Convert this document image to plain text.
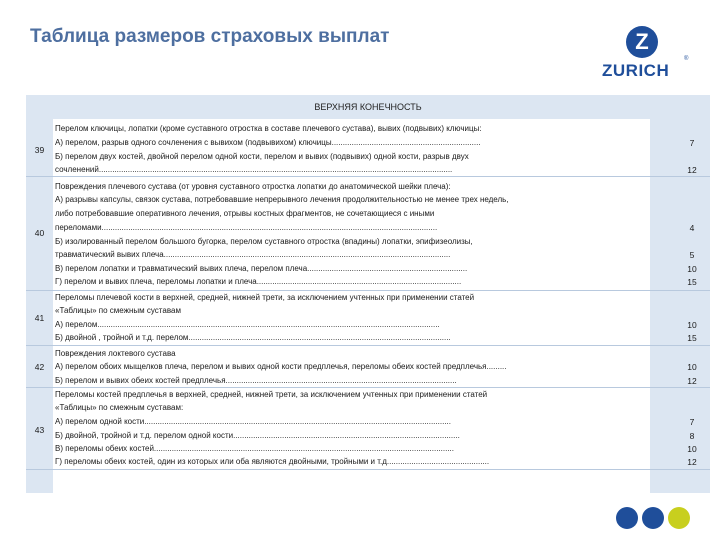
Таблица размеров страховых выплат	Z
ZURICH
®
ВЕРХНЯЯ КОНЕЧНОСТЬ
39
Перелом ключицы, лопатки (кроме суставного отростка в составе плечевого сустава), вывих (подвывих) ключицы:
А) перелом, разрыв одного сочленения с вывихом (подвывихом) ключицы...................................................................
Б) перелом двух костей, двойной перелом одной кости, перелом и вывих (подвывих) одной кости, разрыв двух
сочленений...............................................................................................................................................................
7
12
40
Повреждения плечевого сустава (от уровня суставного отростка лопатки до анатомической шейки плеча):
А) разрывы капсулы, связок сустава, потребовавшие непрерывного лечения продолжительностью не менее трех недель,
либо потребовавшие оперативного лечения, отрывы костных фрагментов, не сочетающиеся с иными
переломами.......................................................................................................................................................
Б) изолированный перелом большого бугорка, перелом суставного отростка (впадины) лопатки, эпифизеолизы,
травматический вывих плеча.................................................................................................................................
В) перелом лопатки и травматический вывих плеча, перелом плеча........................................................................
Г) перелом и вывих плеча, переломы лопатки и плеча............................................................................................
4
5
10
15
41
Переломы плечевой кости в верхней, средней, нижней трети, за исключением учтенных при применении статей
«Таблицы» по смежным суставам
А) перелом..........................................................................................................................................................
Б) двойной , тройной и т.д. перелом......................................................................................................................
10
15
42
Повреждения локтевого сустава
А) перелом обоих мыщелков плеча, перелом и вывих одной кости предплечья, переломы обеих костей предплечья.........
Б) перелом и вывих обеих костей предплечья........................................................................................................
10
12
43
Переломы костей предплечья в верхней, средней, нижней трети, за исключением учтенных при применении статей
«Таблицы» по смежным суставам:
А) перелом одной кости..........................................................................................................................................
Б) двойной, тройной и т.д. перелом одной кости......................................................................................................
В) переломы обеих костей.......................................................................................................................................
Г) переломы обеих костей, один из которых или оба являются двойными, тройными и т.д..............................................
7
8
10
12
